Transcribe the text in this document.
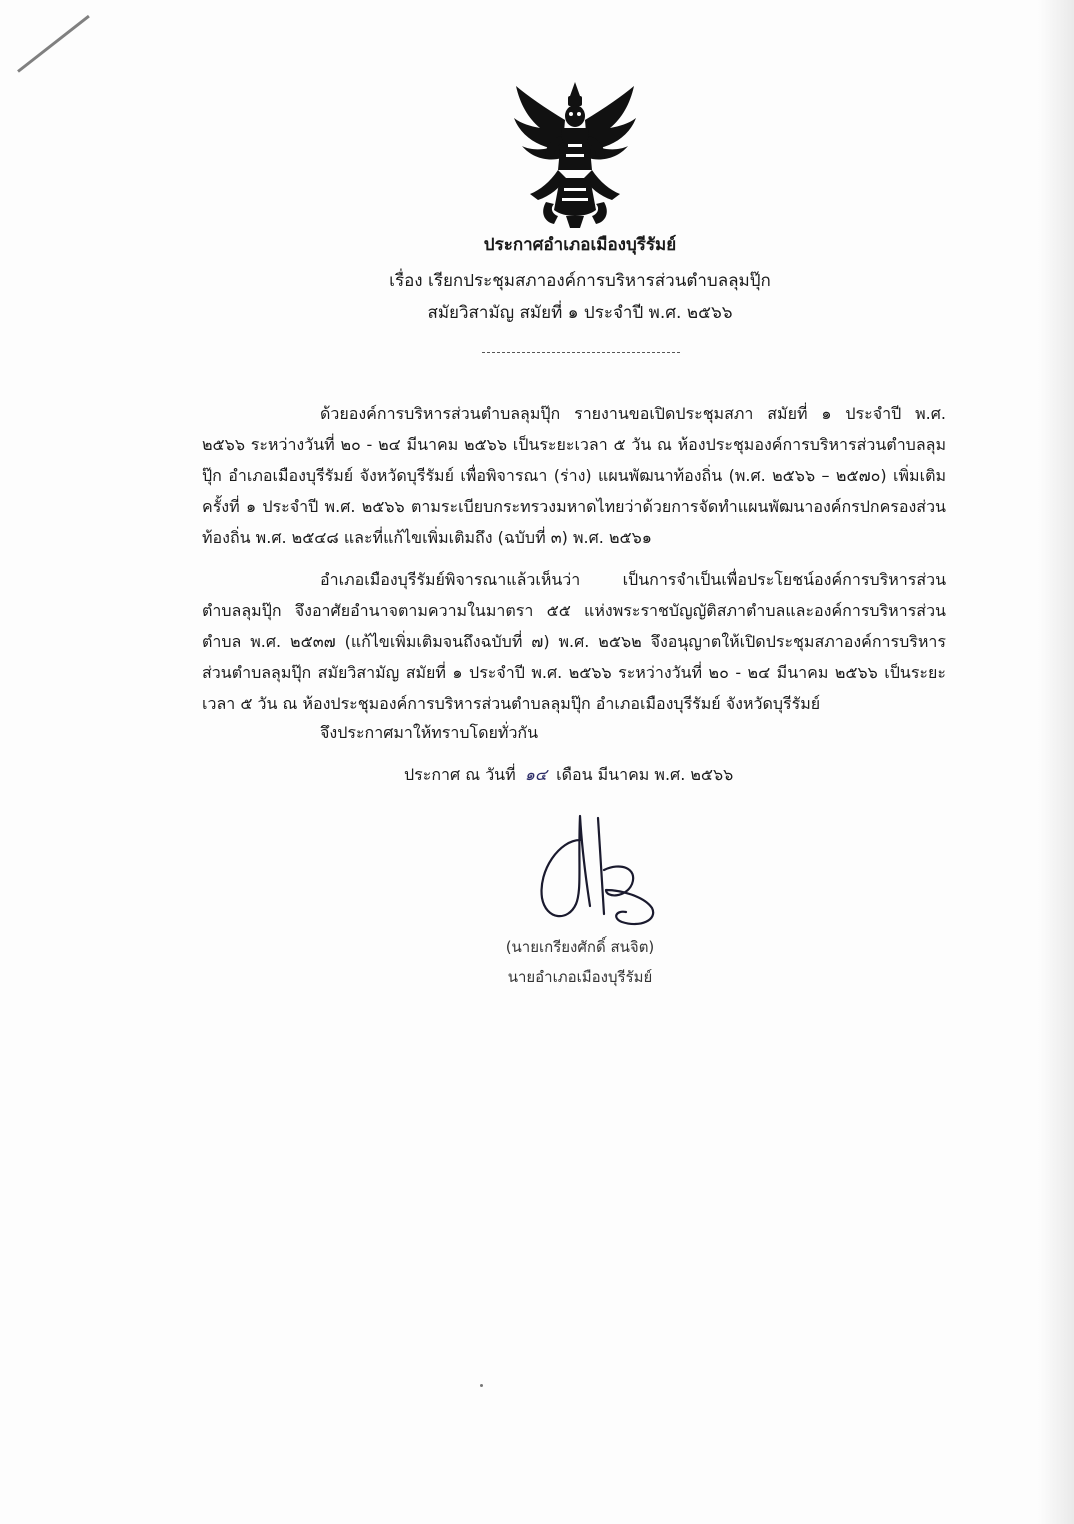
ประกาศอำเภอเมืองบุรีรัมย์
เรื่อง เรียกประชุมสภาองค์การบริหารส่วนตำบลลุมปุ๊ก
สมัยวิสามัญ สมัยที่ ๑ ประจำปี พ.ศ. ๒๕๖๖
ด้วยองค์การบริหารส่วนตำบลลุมปุ๊ก รายงานขอเปิดประชุมสภา สมัยที่ ๑ ประจำปี พ.ศ. ๒๕๖๖ ระหว่างวันที่ ๒๐ - ๒๔ มีนาคม ๒๕๖๖ เป็นระยะเวลา ๕ วัน ณ ห้องประชุมองค์การบริหารส่วนตำบลลุมปุ๊ก อำเภอเมืองบุรีรัมย์ จังหวัดบุรีรัมย์ เพื่อพิจารณา (ร่าง) แผนพัฒนาท้องถิ่น (พ.ศ. ๒๕๖๖ – ๒๕๗๐) เพิ่มเติม ครั้งที่ ๑ ประจำปี พ.ศ. ๒๕๖๖ ตามระเบียบกระทรวงมหาดไทยว่าด้วยการจัดทำแผนพัฒนาองค์กรปกครองส่วนท้องถิ่น พ.ศ. ๒๕๔๘ และที่แก้ไขเพิ่มเติมถึง (ฉบับที่ ๓) พ.ศ. ๒๕๖๑
อำเภอเมืองบุรีรัมย์พิจารณาแล้วเห็นว่า เป็นการจำเป็นเพื่อประโยชน์องค์การบริหารส่วนตำบลลุมปุ๊ก จึงอาศัยอำนาจตามความในมาตรา ๕๕ แห่งพระราชบัญญัติสภาตำบลและองค์การบริหารส่วนตำบล พ.ศ. ๒๕๓๗ (แก้ไขเพิ่มเติมจนถึงฉบับที่ ๗) พ.ศ. ๒๕๖๒ จึงอนุญาตให้เปิดประชุมสภาองค์การบริหารส่วนตำบลลุมปุ๊ก สมัยวิสามัญ สมัยที่ ๑ ประจำปี พ.ศ. ๒๕๖๖ ระหว่างวันที่ ๒๐ - ๒๔ มีนาคม ๒๕๖๖ เป็นระยะเวลา ๕ วัน ณ ห้องประชุมองค์การบริหารส่วนตำบลลุมปุ๊ก อำเภอเมืองบุรีรัมย์ จังหวัดบุรีรัมย์
จึงประกาศมาให้ทราบโดยทั่วกัน
ประกาศ ณ วันที่ ๑๔ เดือน มีนาคม พ.ศ. ๒๕๖๖
(นายเกรียงศักดิ์ สนจิต)
นายอำเภอเมืองบุรีรัมย์
